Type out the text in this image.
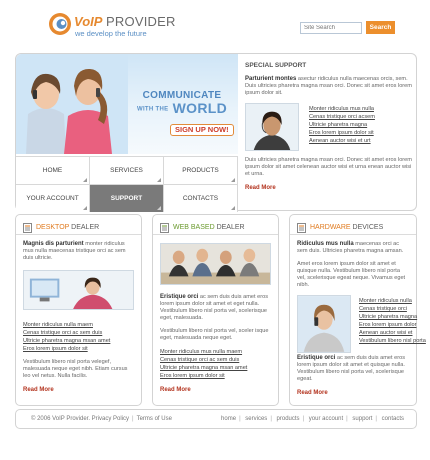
VoIP PROVIDER
we develop the future
Site Search
Search
COMMUNICATE
WITH THE WORLD
SIGN UP NOW!
HOME	SERVICES	PRODUCTS
YOUR ACCOUNT	SUPPORT	CONTACTS
SPECIAL SUPPORT
Parturient montes asectur ridiculus nulla maecenas orcis, sem. Duis ultricies pharetra magna msan orci. Donec sit amet eros lorem ipsum dolor sit.
Monter ridiculus mus nulla
Cenas tristique orci acsem
Ultricie pharetra magna
Eros lorem ipsum dolor sit
Aenean auctor wisi et urt
Duis ultricies pharetra magna msan orci. Donec sit amet eros lorem ipsum dolor sit amet celenean auctor wisi et urna enean auctor wisi et urna.
Read More
DESKTOP DEALER
Magnis dis parturient monter ridiculus mus nulla maecenas tristique orci ac sem duis ultricie.
Monter ridiculus nulla maem
Cenas tristique orci ac sem duis
Ultricie pharetra magna msan amet
Eros lorem ipsum dolor sit
Vestibulum libero nisl porta velegef, malesuada neque eget nibh. Etiam cursus leo vel netus. Nulla facilis.
Read More
WEB BASED DEALER
Eristique orci ac sem duis duis amet eros lorem ipsum dolor sit amet et eget nulla. Vestibulum libero nisl porta vel, scelerisque eget, malesuada.
Vestibulum libero nisl porta vel, sceler isque eget, malesuada neque eget.
Monter ridiculus mus nulla maem
Cenas tristique orci ac sem duis
Ultricie pharetra magna msan amet
Eros lorem ipsum dolor sit
Read More
HARDWARE DEVICES
Ridiculus mus nulla maecenas orci ac sem duis. Ultricies pharetra magna amsan.
Amet eros lorem ipsum dolor sit amet et quisque nulla. Vestibulum libero nisl porta vel, scelerisque egeat neque. Vivamus eget nibh.
Monter ridiculus nulla
Cenas tristique orci
Ultricie pharetra magna
Eros lorem ipsum dolor
Aenean auctor wisi et
Vestibulum libero nisl porta
Eristique orci ac sem duis duis amet eros lorem ipsum dolor sit amet et quisque nulla. Vestibulum libero nisl porta vel, scelerisque egeat.
Read More
© 2006 VoIP Provider. Privacy Policy | Terms of Use	home | services | products | your account | support | contacts
